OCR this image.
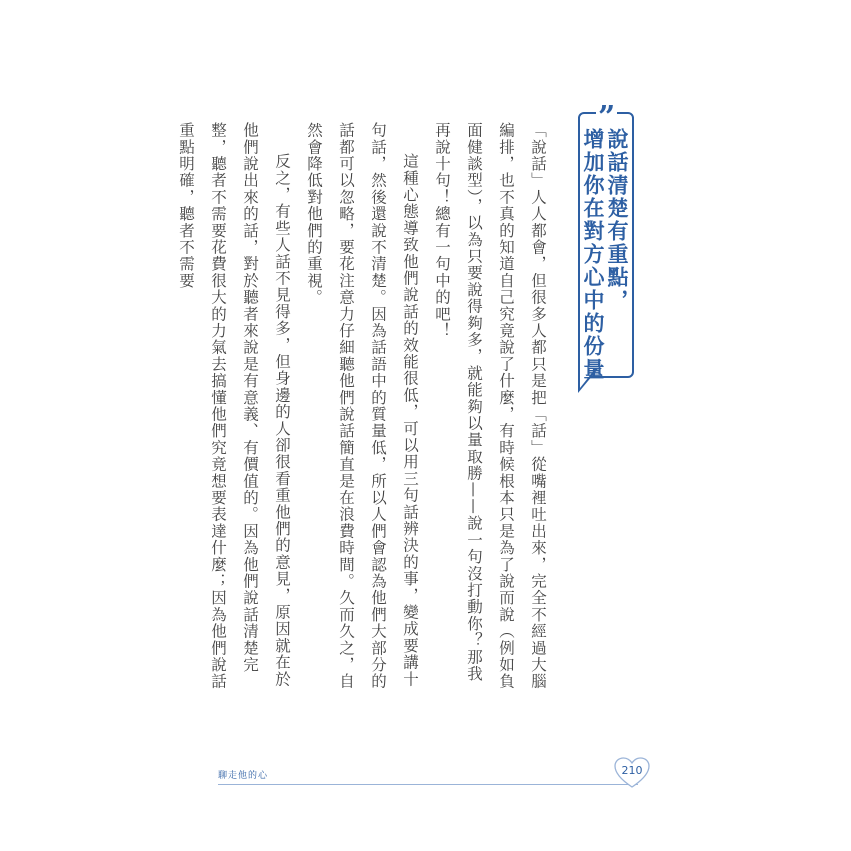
”
說話清楚有重點，
增加你在對方心中的份量

「說話」人人都會，但很多人都只是把「話」從嘴裡吐出來，完全不經過大腦編排，也不真的知道自己究竟說了什麼，有時候根本只是為了說而說（例如負面健談型），以為只要說得夠多，就能夠以量取勝——說一句沒打動你？那我再說十句！總有一句中的吧！

這種心態導致他們說話的效能很低，可以用三句話辨決的事，變成要講十句話，然後還說不清楚。因為話語中的質量低，所以人們會認為他們大部分的話都可以忽略，要花注意力仔細聽他們說話簡直是在浪費時間。久而久之，自然會降低對他們的重視。

反之，有些人話不見得多，但身邊的人卻很看重他們的意見，原因就在於他們說出來的話，對於聽者來說是有意義、有價值的。因為他們說話清楚完整，聽者不需要花費很大的力氣去搞懂他們究竟想要表達什麼；因為他們說話重點明確，聽者不需要

聊走他的心	210
